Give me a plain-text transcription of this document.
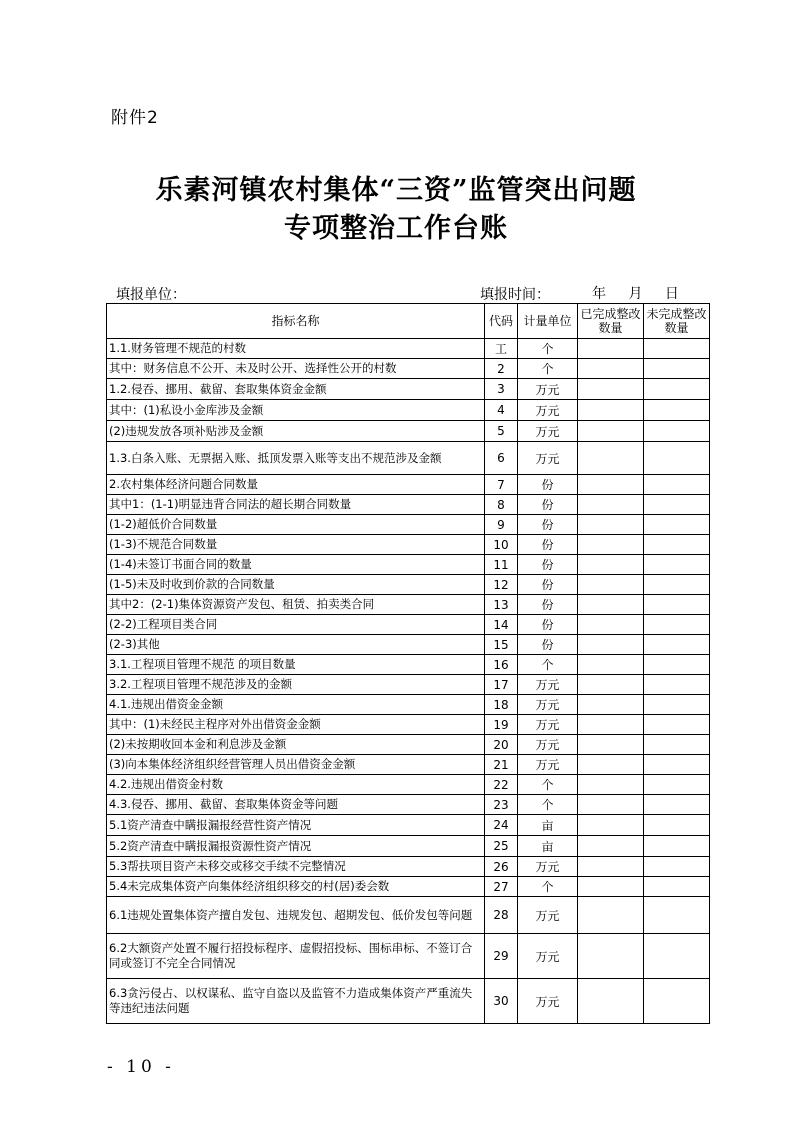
附件2
乐素河镇农村集体“三资”监管突出问题
专项整治工作台账
填报单位：	填报时间：	年 月 日
指标名称	代码	计量单位	已完成整改数量	未完成整改数量
1.1.财务管理不规范的村数	工	个		
其中：财务信息不公开、未及时公开、选择性公开的村数	2	个		
1.2.侵吞、挪用、截留、套取集体资金金额	3	万元		
其中：(1)私设小金库涉及金额	4	万元		
(2)违规发放各项补贴涉及金额	5	万元		
1.3.白条入账、无票据入账、抵顶发票入账等支出不规范涉及金额	6	万元		
2.农村集体经济问题合同数量	7	份		
其中1：(1-1)明显违背合同法的超长期合同数量	8	份		
(1-2)超低价合同数量	9	份		
(1-3)不规范合同数量	10	份		
(1-4)未签订书面合同的数量	11	份		
(1-5)未及时收到价款的合同数量	12	份		
其中2：(2-1)集体资源资产发包、租赁、拍卖类合同	13	份		
(2-2)工程项目类合同	14	份		
(2-3)其他	15	份		
3.1.工程项目管理不规范 的项目数量	16	个		
3.2.工程项目管理不规范涉及的金额	17	万元		
4.1.违规出借资金金额	18	万元		
其中：(1)未经民主程序对外出借资金金额	19	万元		
(2)未按期收回本金和利息涉及金额	20	万元		
(3)向本集体经济组织经营管理人员出借资金金额	21	万元		
4.2.违规出借资金村数	22	个		
4.3.侵吞、挪用、截留、套取集体资金等问题	23	个		
5.1资产清查中瞒报漏报经营性资产情况	24	亩		
5.2资产清查中瞒报漏报资源性资产情况	25	亩		
5.3帮扶项目资产未移交或移交手续不完整情况	26	万元		
5.4未完成集体资产向集体经济组织移交的村(居)委会数	27	个		
6.1违规处置集体资产擅自发包、违规发包、超期发包、低价发包等问题	28	万元		
6.2大额资产处置不履行招投标程序、虚假招投标、围标串标、不签订合同或签订不完全合同情况	29	万元		
6.3贪污侵占、以权谋私、监守自盗以及监管不力造成集体资产严重流失等违纪违法问题	30	万元		
- 10 -
